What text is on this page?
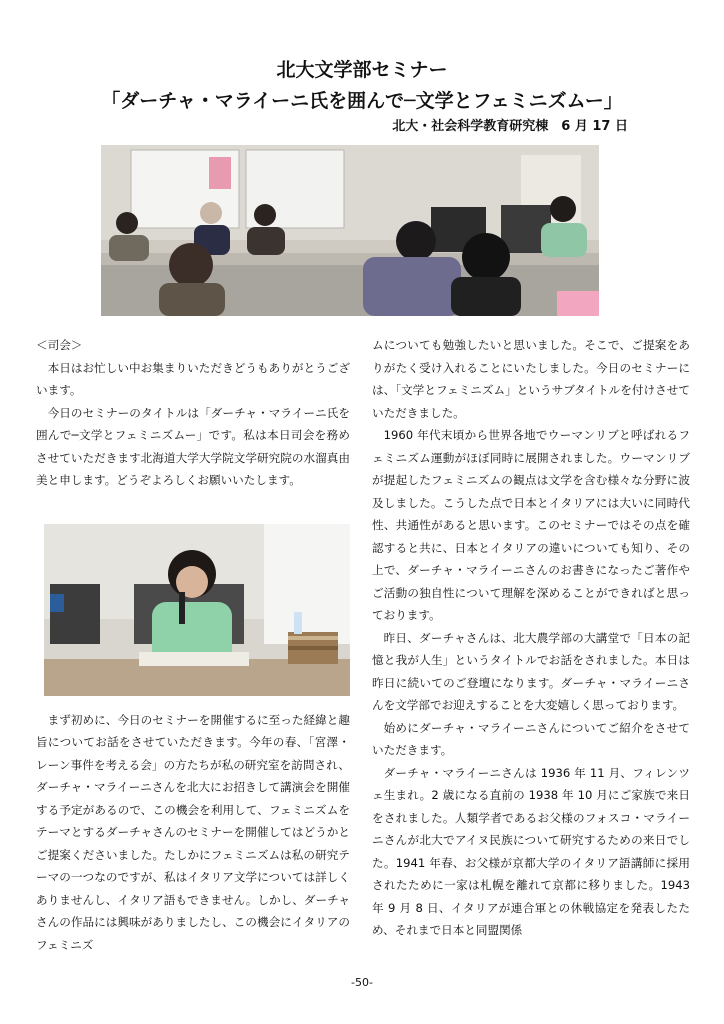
北大文学部セミナー
「ダーチャ・マライーニ氏を囲んで─文学とフェミニズムー」
北大・社会科学教育研究棟　6 月 17 日

＜司会＞

本日はお忙しい中お集まりいただきどうもありがとうございます。

今日のセミナーのタイトルは「ダーチャ・マライーニ氏を囲んで─文学とフェミニズムー」です。私は本日司会を務めさせていただきます北海道大学大学院文学研究院の水溜真由美と申します。どうぞよろしくお願いいたします。

まず初めに、今日のセミナーを開催するに至った経緯と趣旨についてお話をさせていただきます。今年の春、「宮澤・レーン事件を考える会」の方たちが私の研究室を訪問され、ダーチャ・マライーニさんを北大にお招きして講演会を開催する予定があるので、この機会を利用して、フェミニズムをテーマとするダーチャさんのセミナーを開催してはどうかとご提案くださいました。たしかにフェミニズムは私の研究テーマの一つなのですが、私はイタリア文学については詳しくありませんし、イタリア語もできません。しかし、ダーチャさんの作品には興味がありましたし、この機会にイタリアのフェミニズ

ムについても勉強したいと思いました。そこで、ご提案をありがたく受け入れることにいたしました。今日のセミナーには、「文学とフェミニズム」というサブタイトルを付けさせていただきました。

1960 年代末頃から世界各地でウーマンリブと呼ばれるフェミニズム運動がほぼ同時に展開されました。ウーマンリブが提起したフェミニズムの観点は文学を含む様々な分野に波及しました。こうした点で日本とイタリアには大いに同時代性、共通性があると思います。このセミナーではその点を確認すると共に、日本とイタリアの違いについても知り、その上で、ダーチャ・マライーニさんのお書きになったご著作やご活動の独自性について理解を深めることができればと思っております。

昨日、ダーチャさんは、北大農学部の大講堂で「日本の記憶と我が人生」というタイトルでお話をされました。本日は昨日に続いてのご登壇になります。ダーチャ・マライーニさんを文学部でお迎えすることを大変嬉しく思っております。

始めにダーチャ・マライーニさんについてご紹介をさせていただきます。

ダーチャ・マライーニさんは 1936 年 11 月、フィレンツェ生まれ。2 歳になる直前の 1938 年 10 月にご家族で来日をされました。人類学者であるお父様のフォスコ・マライーニさんが北大でアイヌ民族について研究するための来日でした。1941 年春、お父様が京都大学のイタリア語講師に採用されたために一家は札幌を離れて京都に移りました。1943 年 9 月 8 日、イタリアが連合軍との休戦協定を発表したため、それまで日本と同盟関係

-50-
